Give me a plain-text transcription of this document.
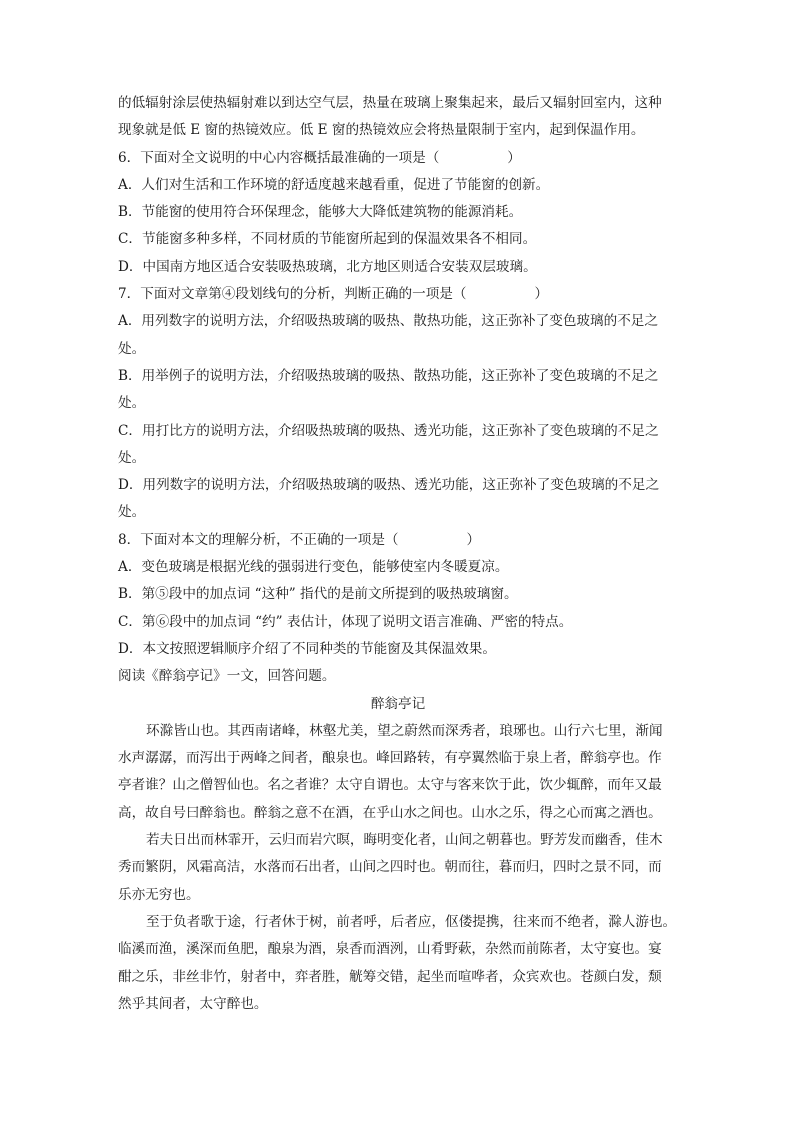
的低辐射涂层使热辐射难以到达空气层，热量在玻璃上聚集起来，最后又辐射回室内，这种
现象就是低 E 窗的热镜效应。低 E 窗的热镜效应会将热量限制于室内，起到保温作用。
6．下面对全文说明的中心内容概括最准确的一项是（　　　　　）
A．人们对生活和工作环境的舒适度越来越看重，促进了节能窗的创新。
B．节能窗的使用符合环保理念，能够大大降低建筑物的能源消耗。
C．节能窗多种多样，不同材质的节能窗所起到的保温效果各不相同。
D．中国南方地区适合安装吸热玻璃，北方地区则适合安装双层玻璃。
7．下面对文章第④段划线句的分析，判断正确的一项是（　　　　　）
A．用列数字的说明方法，介绍吸热玻璃的吸热、散热功能，这正弥补了变色玻璃的不足之
处。
B．用举例子的说明方法，介绍吸热玻璃的吸热、散热功能，这正弥补了变色玻璃的不足之
处。
C．用打比方的说明方法，介绍吸热玻璃的吸热、透光功能，这正弥补了变色玻璃的不足之
处。
D．用列数字的说明方法，介绍吸热玻璃的吸热、透光功能，这正弥补了变色玻璃的不足之
处。
8．下面对本文的理解分析，不正确的一项是（　　　　　）
A．变色玻璃是根据光线的强弱进行变色，能够使室内冬暖夏凉。
B．第⑤段中的加点词 “这种” 指代的是前文所提到的吸热玻璃窗。
C．第⑥段中的加点词 “约” 表估计，体现了说明文语言准确、严密的特点。
D．本文按照逻辑顺序介绍了不同种类的节能窗及其保温效果。
阅读《醉翁亭记》一文，回答问题。
醉翁亭记
环滁皆山也。其西南诸峰，林壑尤美，望之蔚然而深秀者，琅琊也。山行六七里，渐闻
水声潺潺，而泻出于两峰之间者，酿泉也。峰回路转，有亭翼然临于泉上者，醉翁亭也。作
亭者谁？山之僧智仙也。名之者谁？太守自谓也。太守与客来饮于此，饮少辄醉，而年又最
高，故自号曰醉翁也。醉翁之意不在酒，在乎山水之间也。山水之乐，得之心而寓之酒也。
若夫日出而林霏开，云归而岩穴暝，晦明变化者，山间之朝暮也。野芳发而幽香，佳木
秀而繁阴，风霜高洁，水落而石出者，山间之四时也。朝而往，暮而归，四时之景不同，而
乐亦无穷也。
至于负者歌于途，行者休于树，前者呼，后者应，伛偻提携，往来而不绝者，滁人游也。
临溪而渔，溪深而鱼肥，酿泉为酒，泉香而酒洌，山肴野蔌，杂然而前陈者，太守宴也。宴
酣之乐，非丝非竹，射者中，弈者胜，觥筹交错，起坐而喧哗者，众宾欢也。苍颜白发，颓
然乎其间者，太守醉也。
